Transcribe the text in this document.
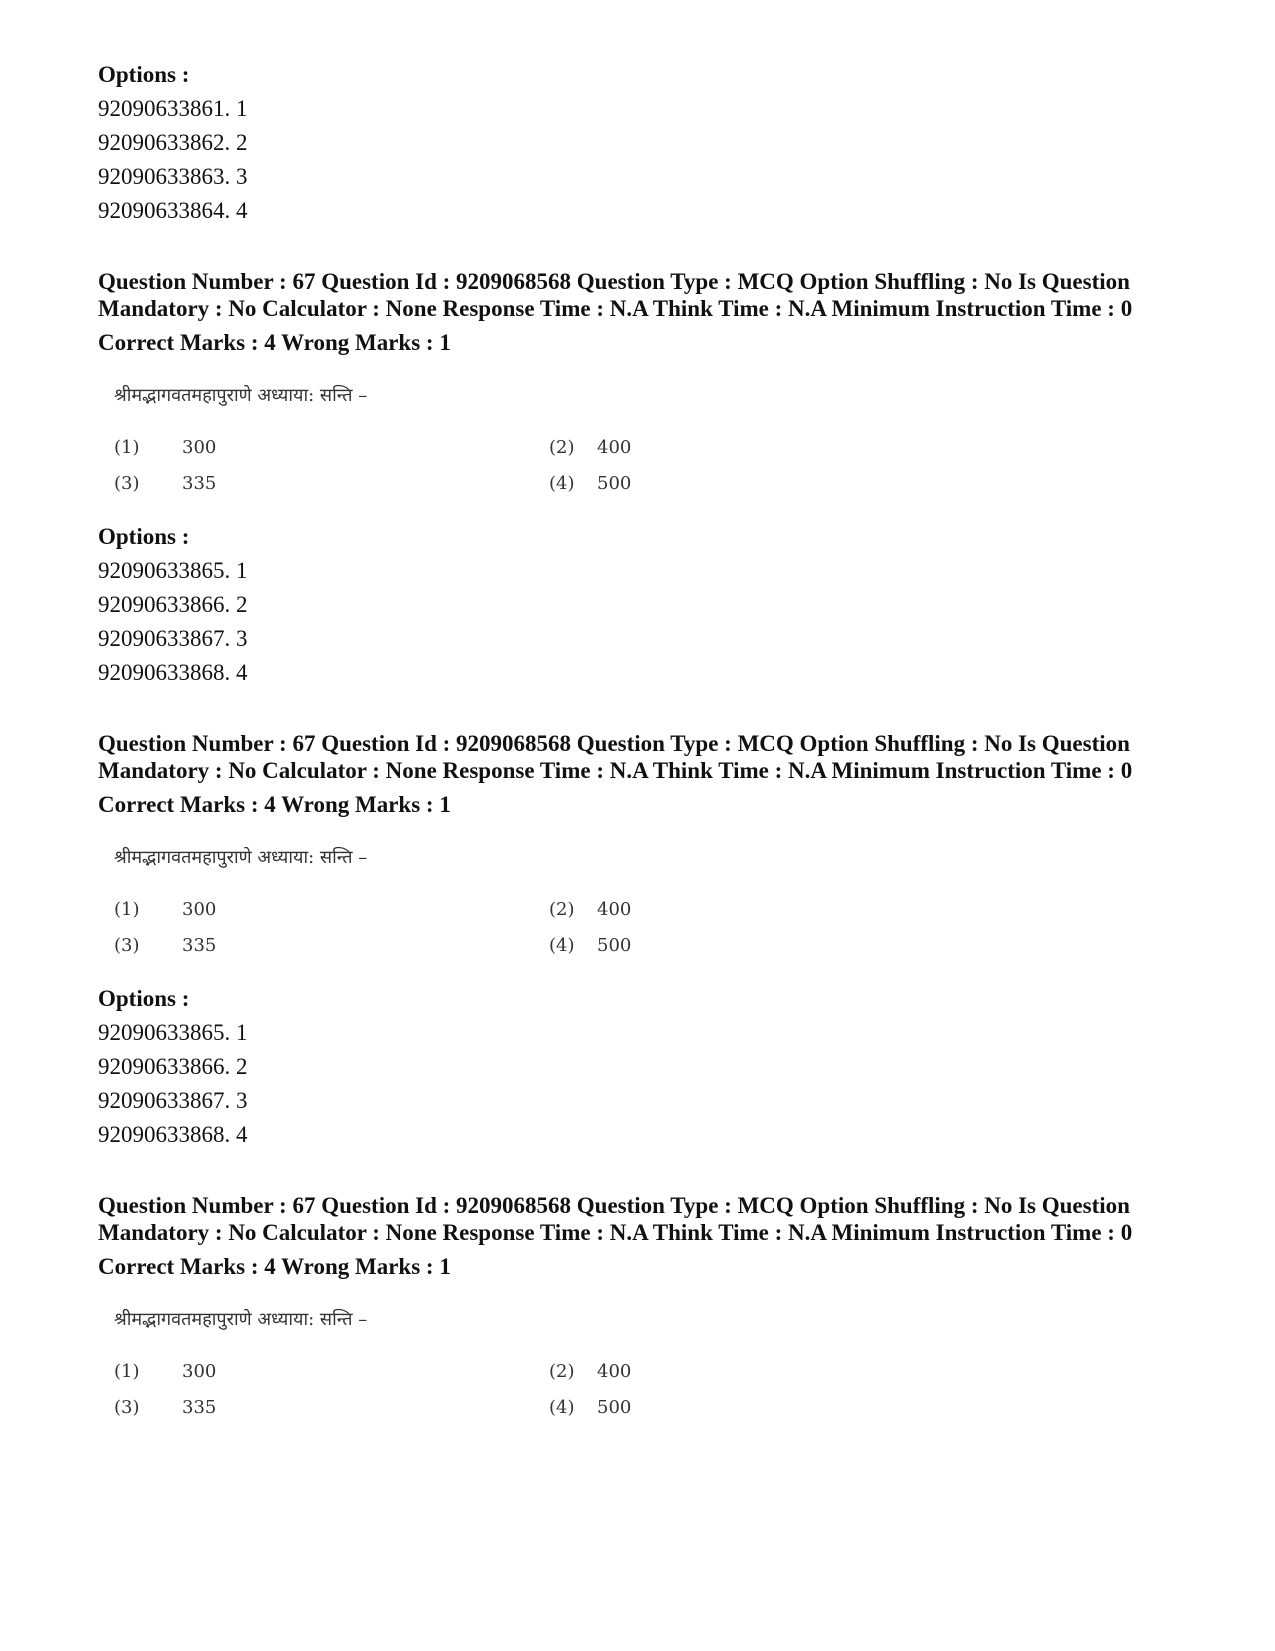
Options :
92090633861. 1
92090633862. 2
92090633863. 3
92090633864. 4
Question Number : 67 Question Id : 9209068568 Question Type : MCQ Option Shuffling : No Is Question Mandatory : No Calculator : None Response Time : N.A Think Time : N.A Minimum Instruction Time : 0
Correct Marks : 4 Wrong Marks : 1
श्रीमद्भागवतमहापुराणे अध्याया: सन्ति –
(1)	300	(2)	400
(3)	335	(4)	500
Options :
92090633865. 1
92090633866. 2
92090633867. 3
92090633868. 4
Question Number : 67 Question Id : 9209068568 Question Type : MCQ Option Shuffling : No Is Question Mandatory : No Calculator : None Response Time : N.A Think Time : N.A Minimum Instruction Time : 0
Correct Marks : 4 Wrong Marks : 1
श्रीमद्भागवतमहापुराणे अध्याया: सन्ति –
(1)	300	(2)	400
(3)	335	(4)	500
Options :
92090633865. 1
92090633866. 2
92090633867. 3
92090633868. 4
Question Number : 67 Question Id : 9209068568 Question Type : MCQ Option Shuffling : No Is Question Mandatory : No Calculator : None Response Time : N.A Think Time : N.A Minimum Instruction Time : 0
Correct Marks : 4 Wrong Marks : 1
श्रीमद्भागवतमहापुराणे अध्याया: सन्ति –
(1)	300	(2)	400
(3)	335	(4)	500
